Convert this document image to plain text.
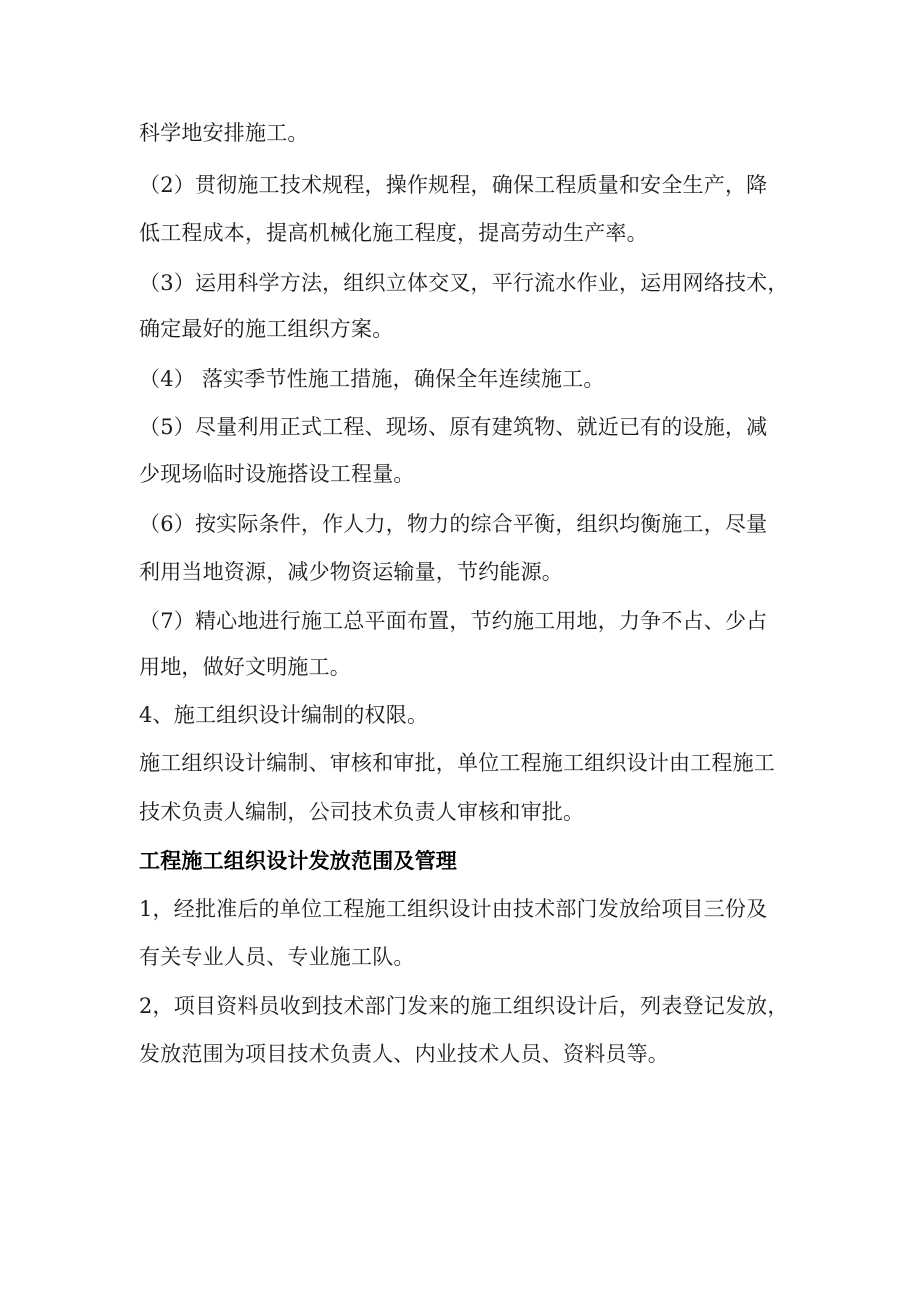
科学地安排施工。
（2）贯彻施工技术规程，操作规程，确保工程质量和安全生产，降
低工程成本，提高机械化施工程度，提高劳动生产率。
（3）运用科学方法，组织立体交叉，平行流水作业，运用网络技术，
确定最好的施工组织方案。
（4） 落实季节性施工措施，确保全年连续施工。
（5）尽量利用正式工程、现场、原有建筑物、就近已有的设施，减
少现场临时设施搭设工程量。
（6）按实际条件，作人力，物力的综合平衡，组织均衡施工，尽量
利用当地资源，减少物资运输量，节约能源。
（7）精心地进行施工总平面布置，节约施工用地，力争不占、少占
用地，做好文明施工。
4、施工组织设计编制的权限。
施工组织设计编制、审核和审批，单位工程施工组织设计由工程施工
技术负责人编制，公司技术负责人审核和审批。
工程施工组织设计发放范围及管理
1，经批准后的单位工程施工组织设计由技术部门发放给项目三份及
有关专业人员、专业施工队。
2，项目资料员收到技术部门发来的施工组织设计后，列表登记发放，
发放范围为项目技术负责人、内业技术人员、资料员等。
